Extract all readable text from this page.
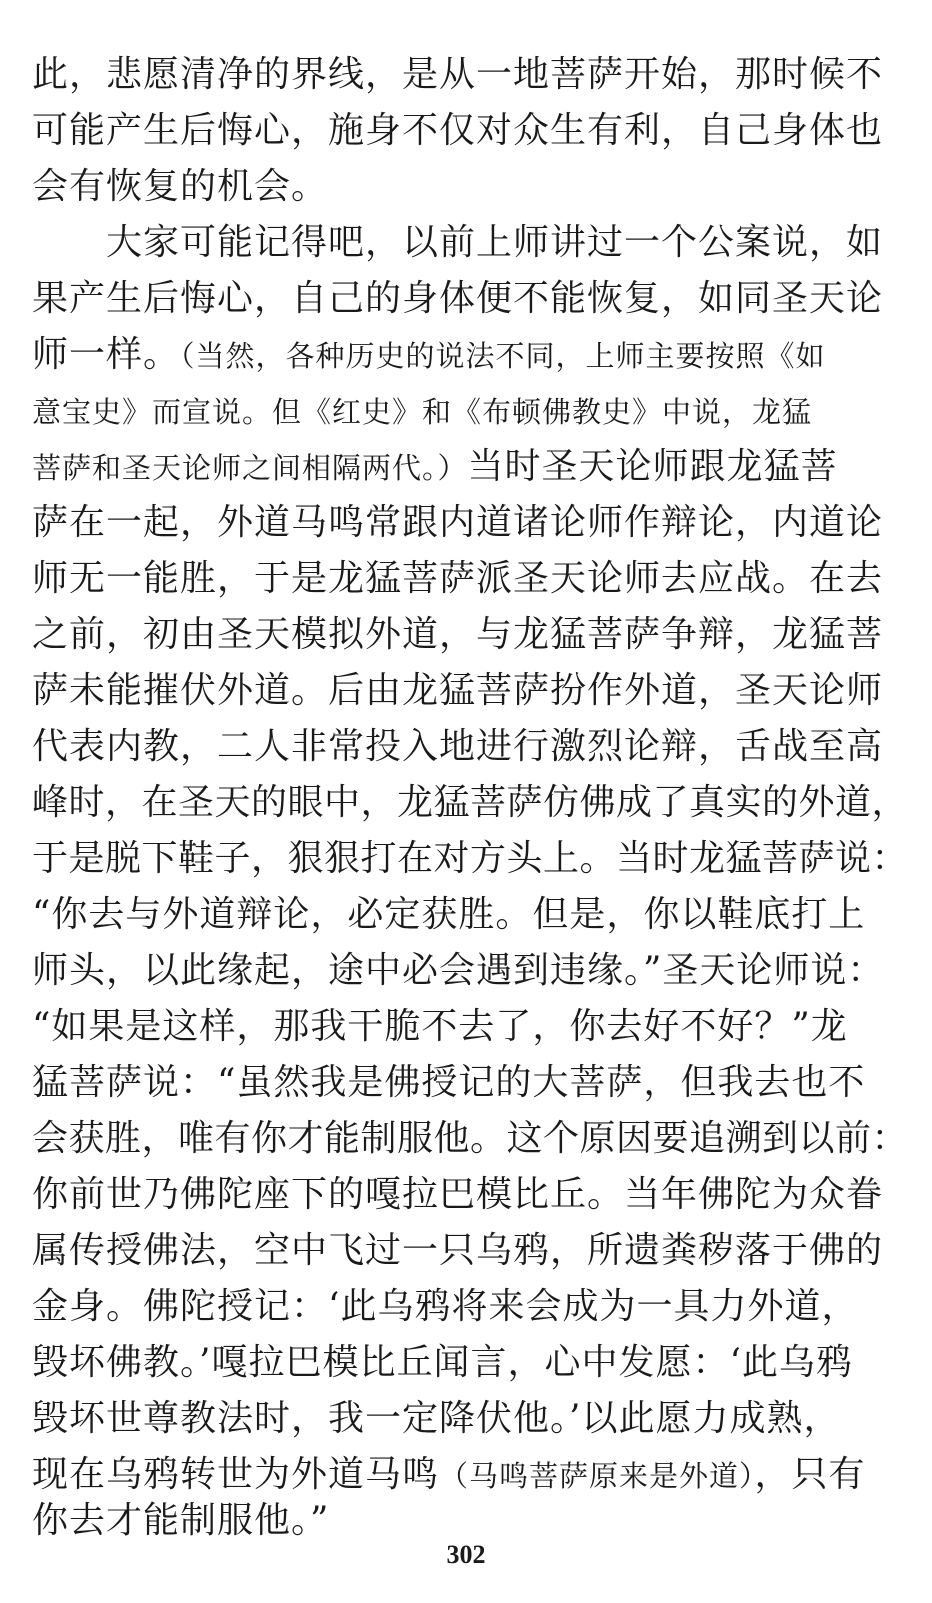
此，悲愿清净的界线，是从一地菩萨开始，那时候不
可能产生后悔心，施身不仅对众生有利，自己身体也
会有恢复的机会。
　　大家可能记得吧，以前上师讲过一个公案说，如
果产生后悔心，自己的身体便不能恢复，如同圣天论
师一样。（当然，各种历史的说法不同，上师主要按照《如
意宝史》而宣说。但《红史》和《布顿佛教史》中说，龙猛
菩萨和圣天论师之间相隔两代。）当时圣天论师跟龙猛菩
萨在一起，外道马鸣常跟内道诸论师作辩论，内道论
师无一能胜，于是龙猛菩萨派圣天论师去应战。在去
之前，初由圣天模拟外道，与龙猛菩萨争辩，龙猛菩
萨未能摧伏外道。后由龙猛菩萨扮作外道，圣天论师
代表内教，二人非常投入地进行激烈论辩，舌战至高
峰时，在圣天的眼中，龙猛菩萨仿佛成了真实的外道，
于是脱下鞋子，狠狠打在对方头上。当时龙猛菩萨说：
“你去与外道辩论，必定获胜。但是，你以鞋底打上
师头，以此缘起，途中必会遇到违缘。”圣天论师说：
“如果是这样，那我干脆不去了，你去好不好？”龙
猛菩萨说：“虽然我是佛授记的大菩萨，但我去也不
会获胜，唯有你才能制服他。这个原因要追溯到以前：
你前世乃佛陀座下的嘎拉巴模比丘。当年佛陀为众眷
属传授佛法，空中飞过一只乌鸦，所遗粪秽落于佛的
金身。佛陀授记：‘此乌鸦将来会成为一具力外道，
毁坏佛教。’嘎拉巴模比丘闻言，心中发愿：‘此乌鸦
毁坏世尊教法时，我一定降伏他。’以此愿力成熟，
现在乌鸦转世为外道马鸣（马鸣菩萨原来是外道），只有
你去才能制服他。”
302
